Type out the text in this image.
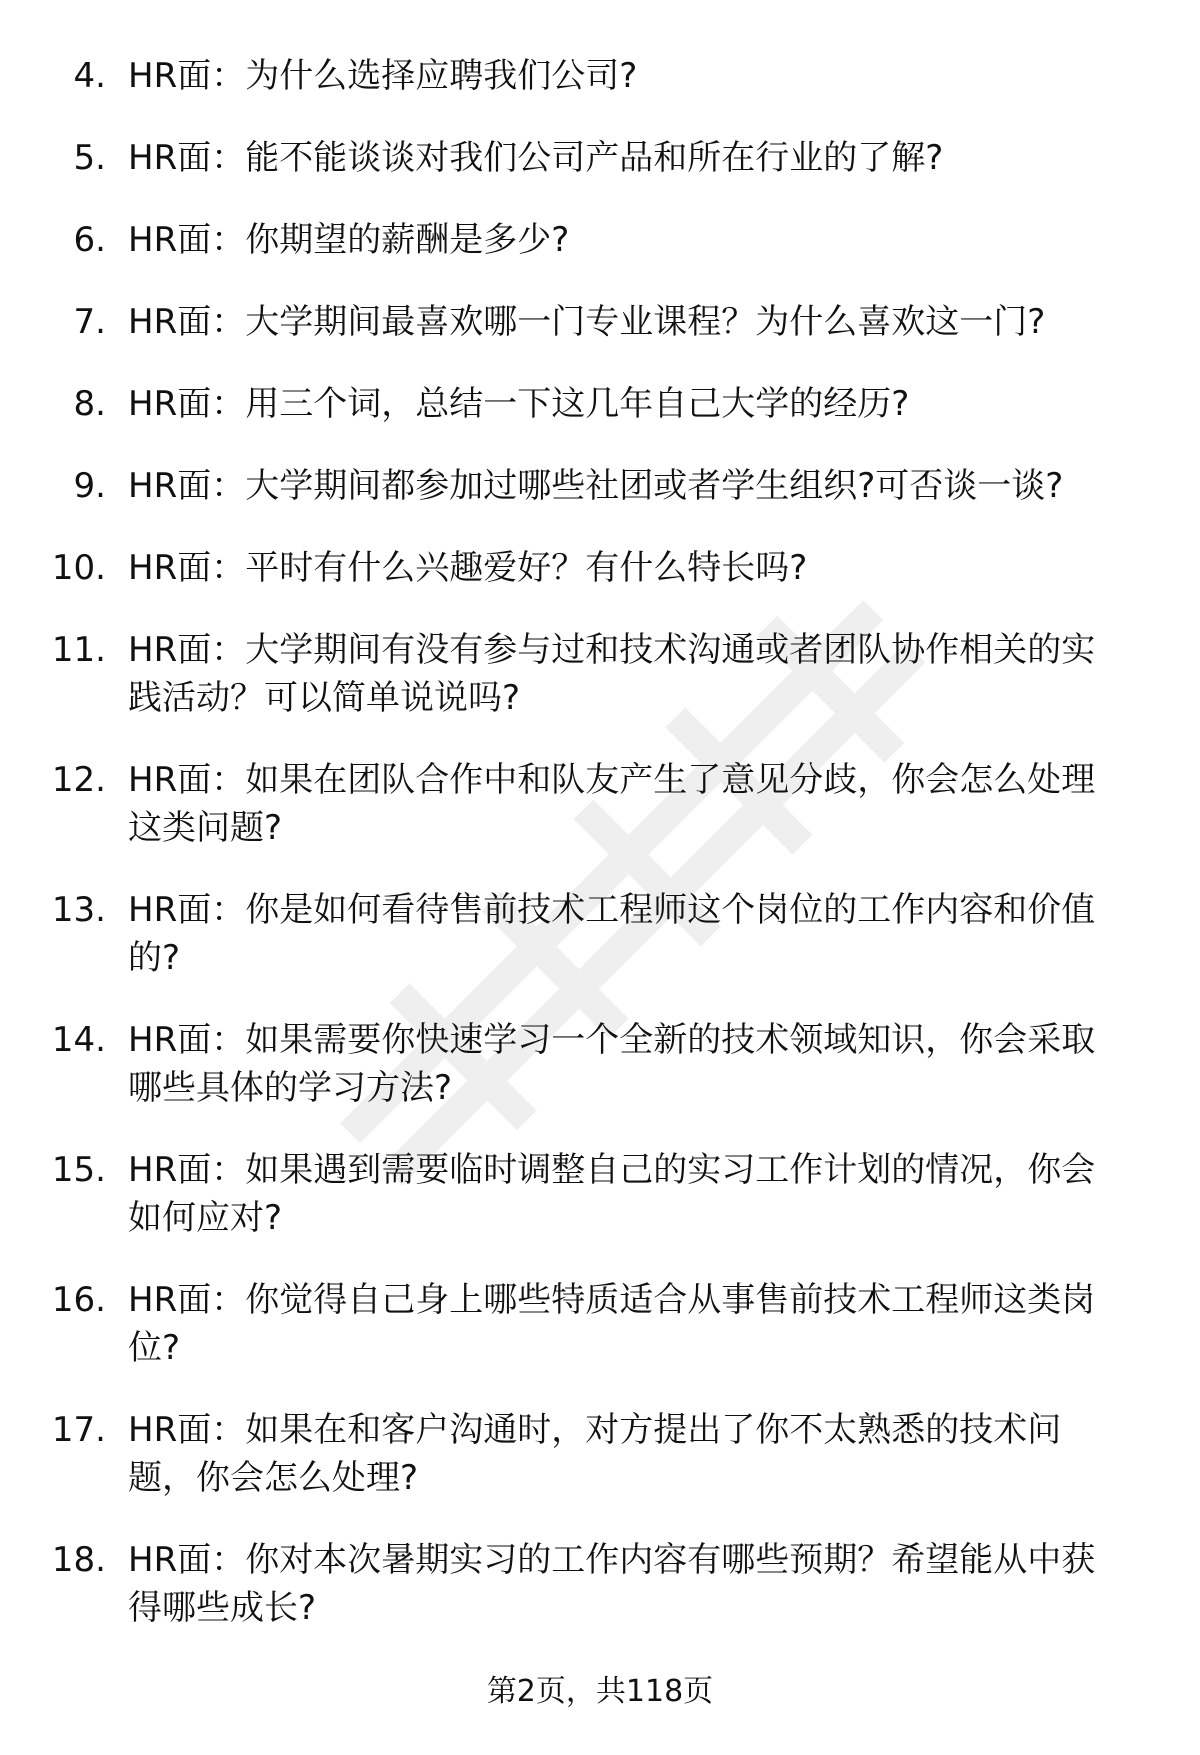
4. HR面：为什么选择应聘我们公司?
5. HR面：能不能谈谈对我们公司产品和所在行业的了解?
6. HR面：你期望的薪酬是多少?
7. HR面：大学期间最喜欢哪一门专业课程？为什么喜欢这一门?
8. HR面：用三个词，总结一下这几年自己大学的经历?
9. HR面：大学期间都参加过哪些社团或者学生组织?可否谈一谈?
10. HR面：平时有什么兴趣爱好？有什么特长吗?
11. HR面：大学期间有没有参与过和技术沟通或者团队协作相关的实
践活动？可以简单说说吗?
12. HR面：如果在团队合作中和队友产生了意见分歧，你会怎么处理
这类问题?
13. HR面：你是如何看待售前技术工程师这个岗位的工作内容和价值
的?
14. HR面：如果需要你快速学习一个全新的技术领域知识，你会采取
哪些具体的学习方法?
15. HR面：如果遇到需要临时调整自己的实习工作计划的情况，你会
如何应对?
16. HR面：你觉得自己身上哪些特质适合从事售前技术工程师这类岗
位?
17. HR面：如果在和客户沟通时，对方提出了你不太熟悉的技术问
题，你会怎么处理?
18. HR面：你对本次暑期实习的工作内容有哪些预期？希望能从中获
得哪些成长?
第2页，共118页
